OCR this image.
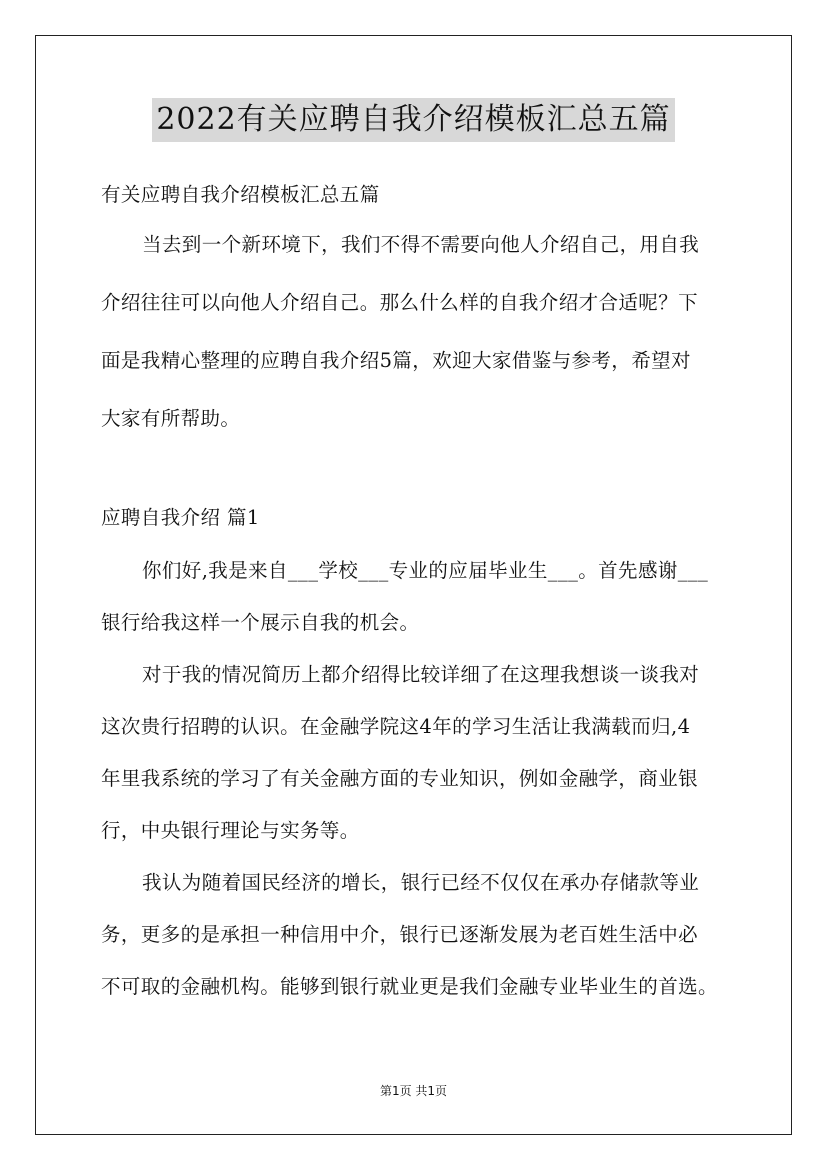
2022有关应聘自我介绍模板汇总五篇
有关应聘自我介绍模板汇总五篇
当去到一个新环境下，我们不得不需要向他人介绍自己，用自我
介绍往往可以向他人介绍自己。那么什么样的自我介绍才合适呢？下
面是我精心整理的应聘自我介绍5篇，欢迎大家借鉴与参考，希望对
大家有所帮助。
应聘自我介绍 篇1
你们好,我是来自___学校___专业的应届毕业生___。首先感谢___
银行给我这样一个展示自我的机会。
对于我的情况简历上都介绍得比较详细了在这理我想谈一谈我对
这次贵行招聘的认识。在金融学院这4年的学习生活让我满载而归,4
年里我系统的学习了有关金融方面的专业知识，例如金融学，商业银
行，中央银行理论与实务等。
我认为随着国民经济的增长，银行已经不仅仅在承办存储款等业
务，更多的是承担一种信用中介，银行已逐渐发展为老百姓生活中必
不可取的金融机构。能够到银行就业更是我们金融专业毕业生的首选。
第1页 共1页
